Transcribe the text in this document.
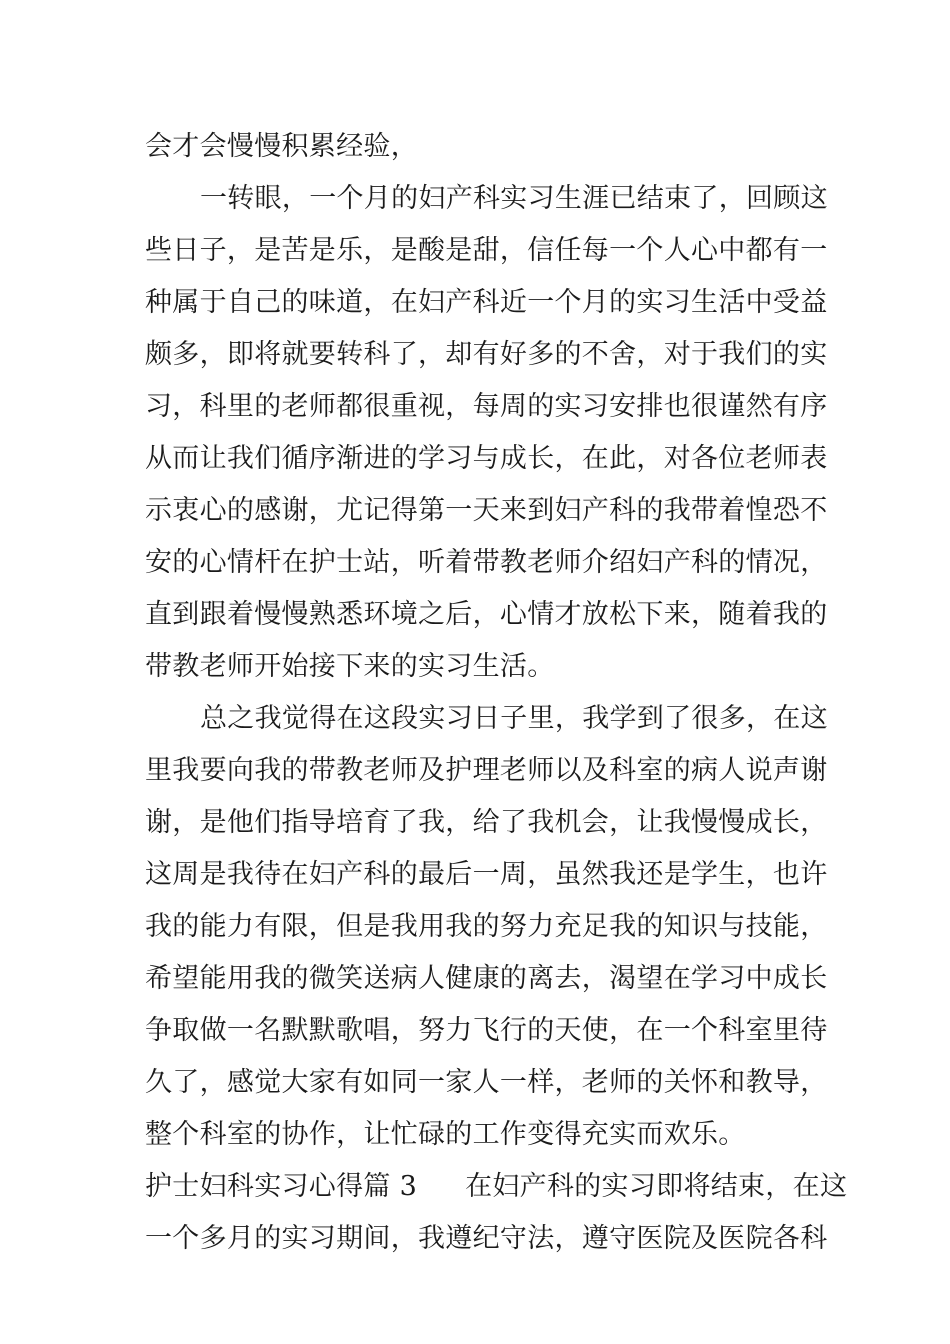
会才会慢慢积累经验，
一转眼，一个月的妇产科实习生涯已结束了，回顾这
些日子，是苦是乐，是酸是甜，信任每一个人心中都有一
种属于自己的味道，在妇产科近一个月的实习生活中受益
颇多，即将就要转科了，却有好多的不舍，对于我们的实
习，科里的老师都很重视，每周的实习安排也很谨然有序
从而让我们循序渐进的学习与成长，在此，对各位老师表
示衷心的感谢，尤记得第一天来到妇产科的我带着惶恐不
安的心情杆在护士站，听着带教老师介绍妇产科的情况，
直到跟着慢慢熟悉环境之后，心情才放松下来，随着我的
带教老师开始接下来的实习生活。
总之我觉得在这段实习日子里，我学到了很多，在这
里我要向我的带教老师及护理老师以及科室的病人说声谢
谢，是他们指导培育了我，给了我机会，让我慢慢成长，
这周是我待在妇产科的最后一周，虽然我还是学生，也许
我的能力有限，但是我用我的努力充足我的知识与技能，
希望能用我的微笑送病人健康的离去，渴望在学习中成长
争取做一名默默歌唱，努力飞行的天使，在一个科室里待
久了，感觉大家有如同一家人一样，老师的关怀和教导，
整个科室的协作，让忙碌的工作变得充实而欢乐。
护士妇科实习心得篇 3 在妇产科的实习即将结束，在这
一个多月的实习期间，我遵纪守法，遵守医院及医院各科
